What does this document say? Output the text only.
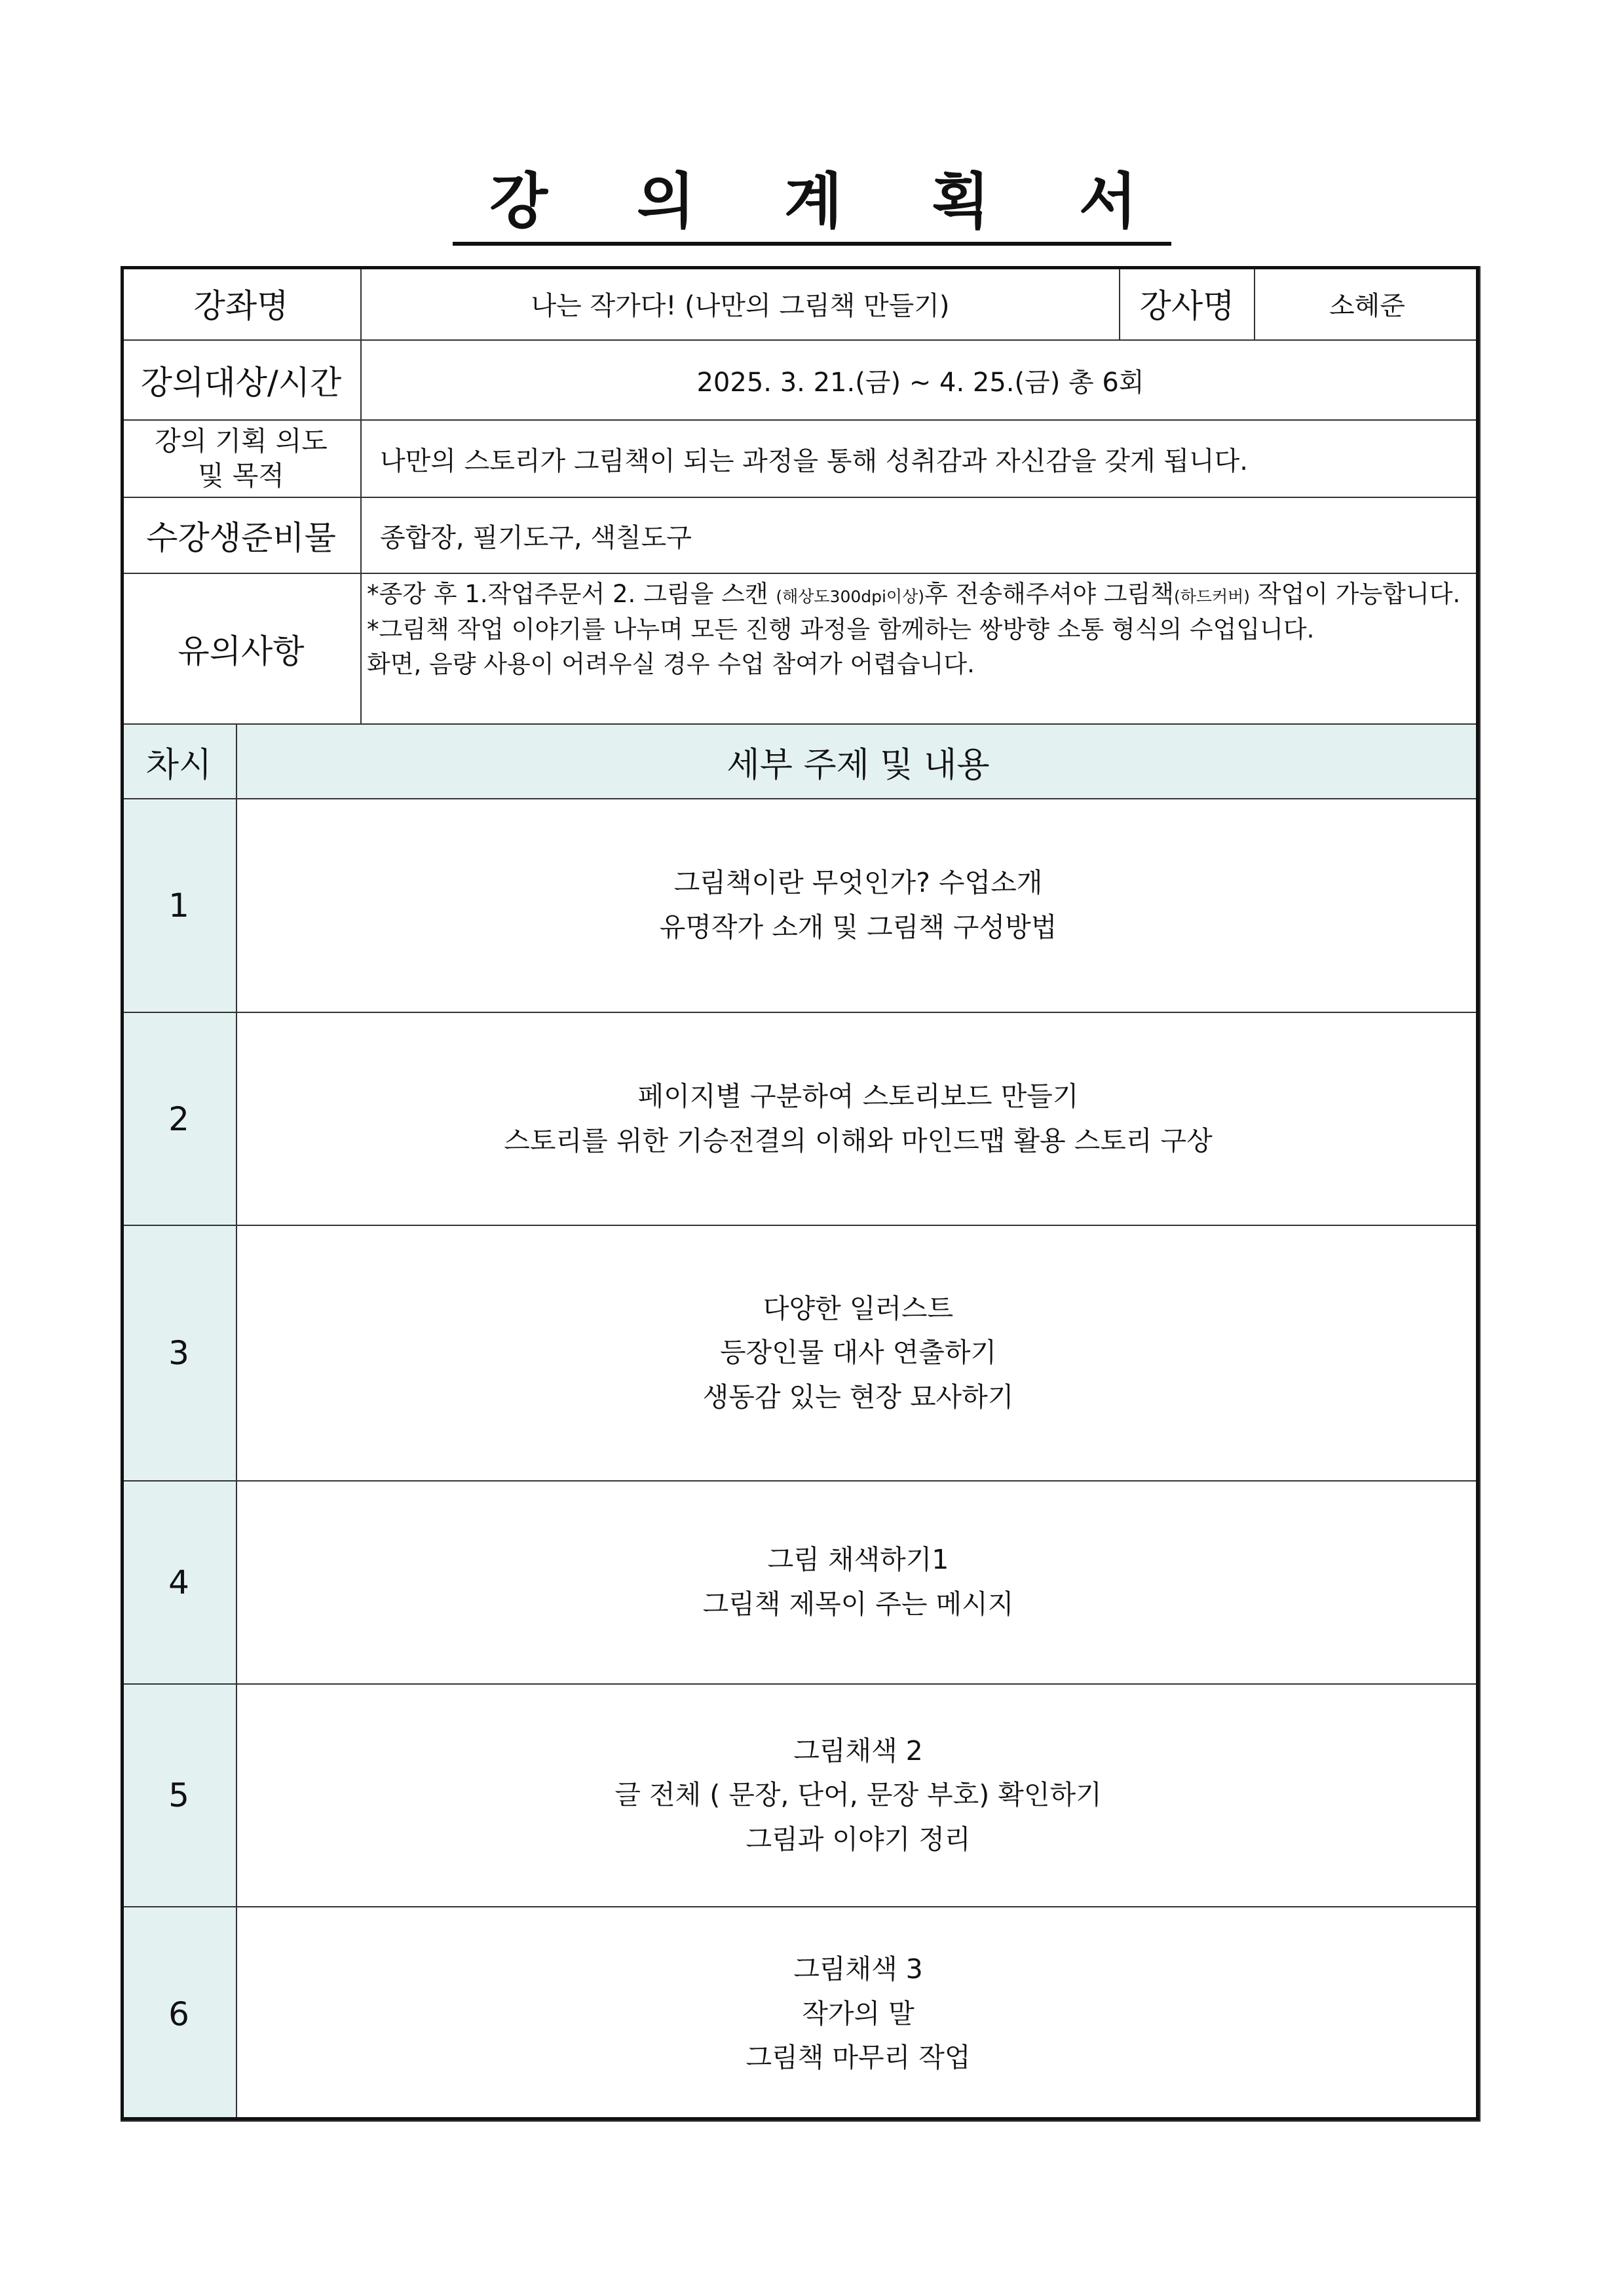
강 의 계 획 서
강좌명	나는 작가다! (나만의 그림책 만들기)	강사명	소혜준
강의대상/시간	2025. 3. 21.(금) ~ 4. 25.(금) 총 6회		

강의 기획 의도
및 목적	나만의 스토리가 그림책이 되는 과정을 통해 성취감과 자신감을 갖게 됩니다.		
수강생준비물	종합장, 필기도구, 색칠도구		
유의사항	*종강 후 1.작업주문서 2. 그림을 스캔 (해상도300dpi이상)후 전송해주셔야 그림책(하드커버) 작업이 가능합니다.
*그림책 작업 이야기를 나누며 모든 진행 과정을 함께하는 쌍방향 소통 형식의 수업입니다.
화면, 음량 사용이 어려우실 경우 수업 참여가 어렵습니다.		
차시	세부 주제 및 내용
1	그림책이란 무엇인가? 수업소개
유명작가 소개 및 그림책 구성방법

2	페이지별 구분하여 스토리보드 만들기
스토리를 위한 기승전결의 이해와 마인드맵 활용 스토리 구상

3	다양한 일러스트
등장인물 대사 연출하기
생동감 있는 현장 묘사하기

4	그림 채색하기1
그림책 제목이 주는 메시지

5	그림채색 2
글 전체 ( 문장, 단어, 문장 부호) 확인하기
그림과 이야기 정리

6	그림채색 3
작가의 말
그림책 마무리 작업
